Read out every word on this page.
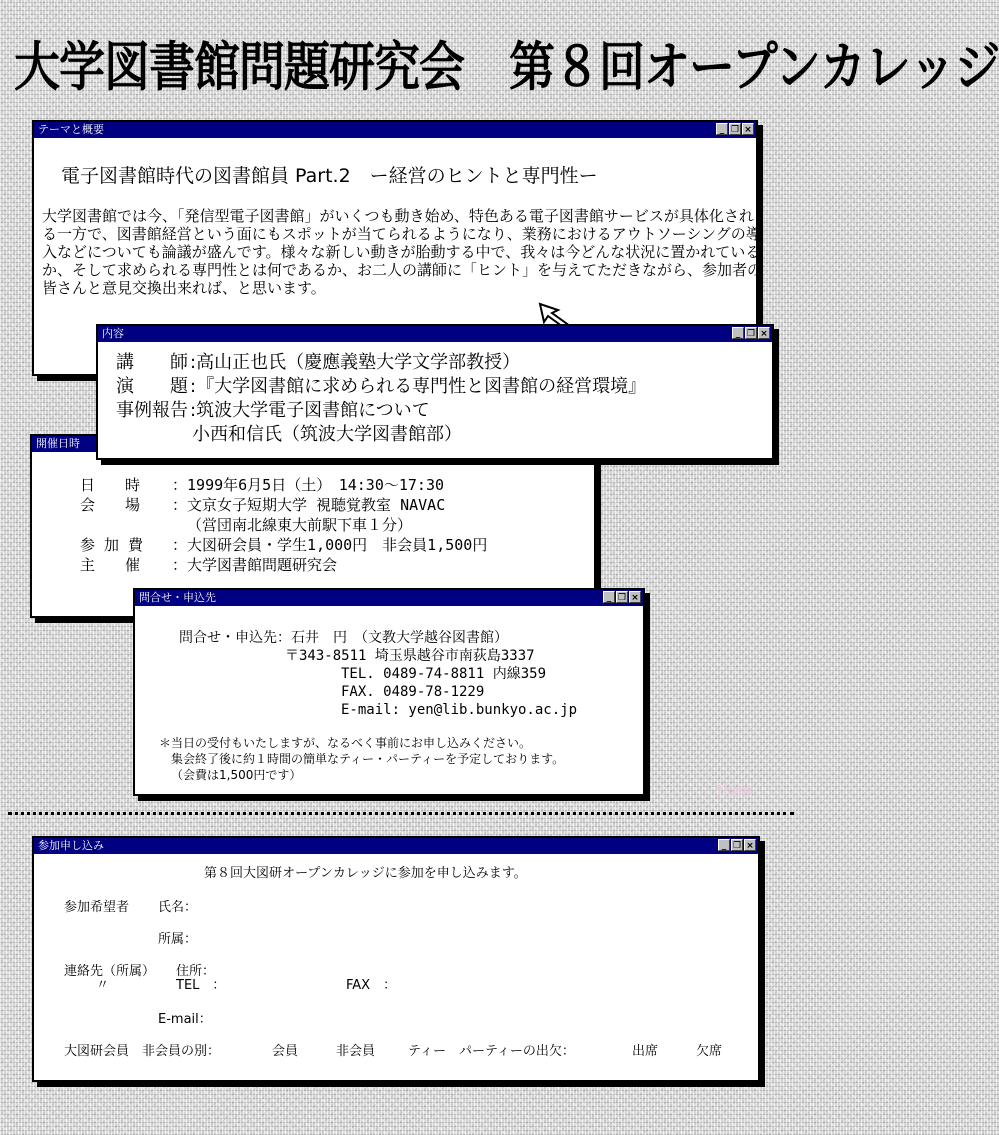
大学図書館問題研究会　第８回オープンカレッジ
テーマと概要	_ ❐ ×
電子図書館時代の図書館員 Part.2　ー経営のヒントと専門性ー

大学図書館では今、「発信型電子図書館」がいくつも動き始め、特色ある電子図書館サービスが具体化される一方で、図書館経営という面にもスポットが当てられるようになり、業務におけるアウトソーシングの導入などについても論議が盛んです。様々な新しい動きが胎動する中で、我々は今どんな状況に置かれているか、そして求められる専門性とは何であるか、お二人の講師に「ヒント」を与えてただきながら、参加者の皆さんと意見交換出来れば、と思います。

開催日時
日　　時 ：1999年6月5日（土）　14:30～17:30
会　　場 ：文京女子短期大学 視聴覚教室 NAVAC
（営団南北線東大前駅下車１分）
参 加 費 ：大図研会員・学生1,000円　非会員1,500円
主　　催 ：大学図書館問題研究会
内容	_ ❐ ×
講　　師 :高山正也氏（慶應義塾大学文学部教授）
演　　題 :『大学図書館に求められる専門性と図書館の経営環境』
事例報告 :筑波大学電子図書館について
小西和信氏（筑波大学図書館部）
問合せ・申込先	_ ❐ ×
問合せ・申込先：石井　円　（文教大学越谷図書館）
〒343-8511 埼玉県越谷市南荻島3337
TEL. 0489-74-8811 内線359
FAX. 0489-78-1229
E-mail: yen@lib.bunkyo.ac.jp
＊当日の受付もいたしますが、なるべく事前にお申し込みください。
集会終了後に約１時間の簡単なティー・パーティーを予定しております。
（会費は1,500円です）
Thank
参加申し込み	_ ❐ ×
第８回大図研オープンカレッジに参加を申し込みます。
参加希望者 氏名：
所属：
連絡先（所属） 住所：
〃	TEL　：	FAX　：
E-mail：
大図研会員　非会員の別：	会員	非会員	ティー　パーティーの出欠：	出席	欠席
